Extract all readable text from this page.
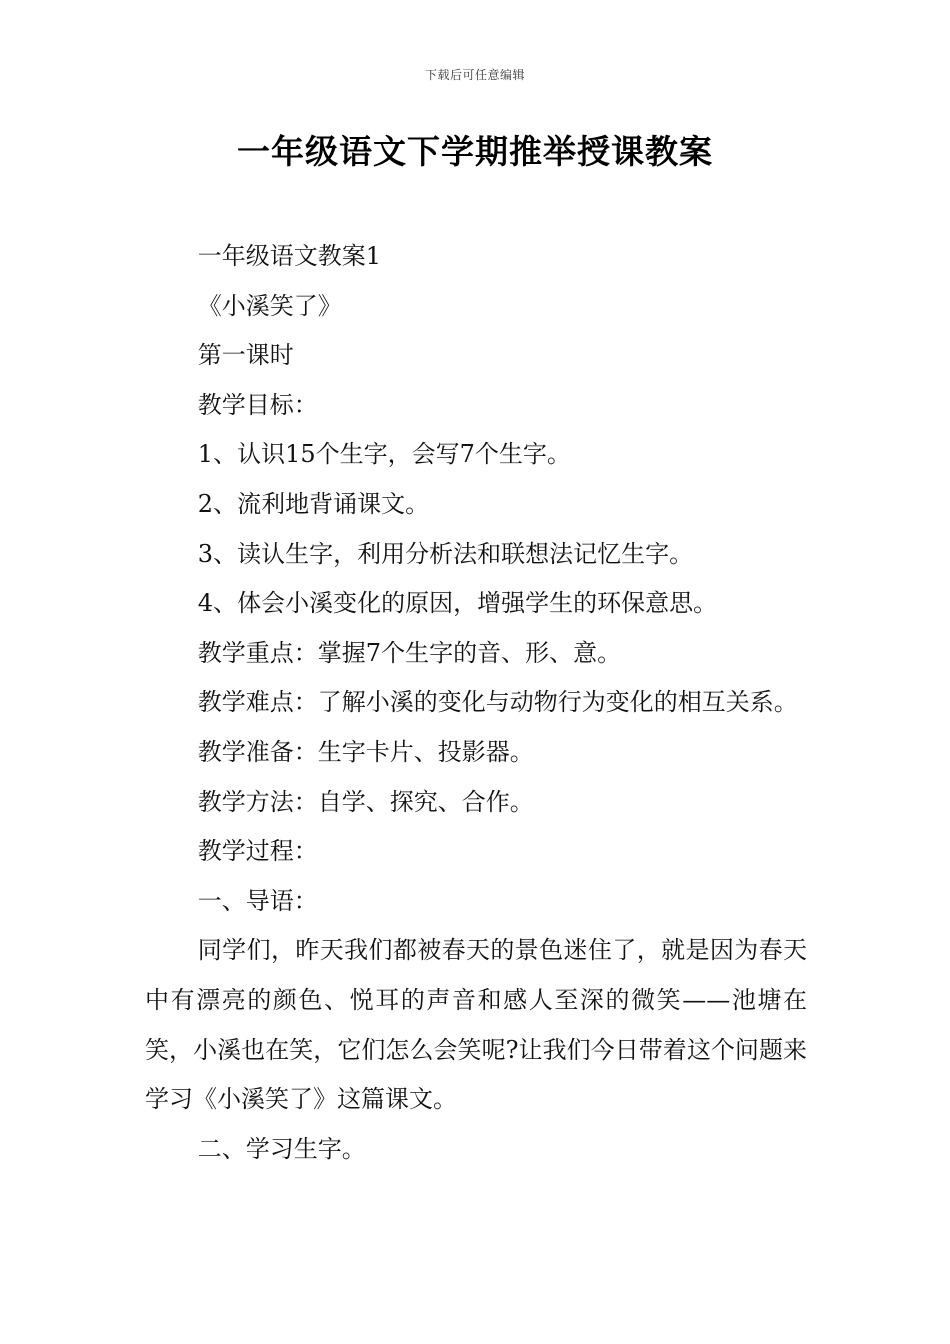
下载后可任意编辑
一年级语文下学期推举授课教案

一年级语文教案1

《小溪笑了》

第一课时

教学目标：

1、认识15个生字，会写7个生字。

2、流利地背诵课文。

3、读认生字，利用分析法和联想法记忆生字。

4、体会小溪变化的原因，增强学生的环保意思。

教学重点：掌握7个生字的音、形、意。

教学难点：了解小溪的变化与动物行为变化的相互关系。

教学准备：生字卡片、投影器。

教学方法：自学、探究、合作。

教学过程：

一、导语：

同学们，昨天我们都被春天的景色迷住了，就是因为春天中有漂亮的颜色、悦耳的声音和感人至深的微笑——池塘在笑，小溪也在笑，它们怎么会笑呢?让我们今日带着这个问题来学习《小溪笑了》这篇课文。

二、学习生字。
